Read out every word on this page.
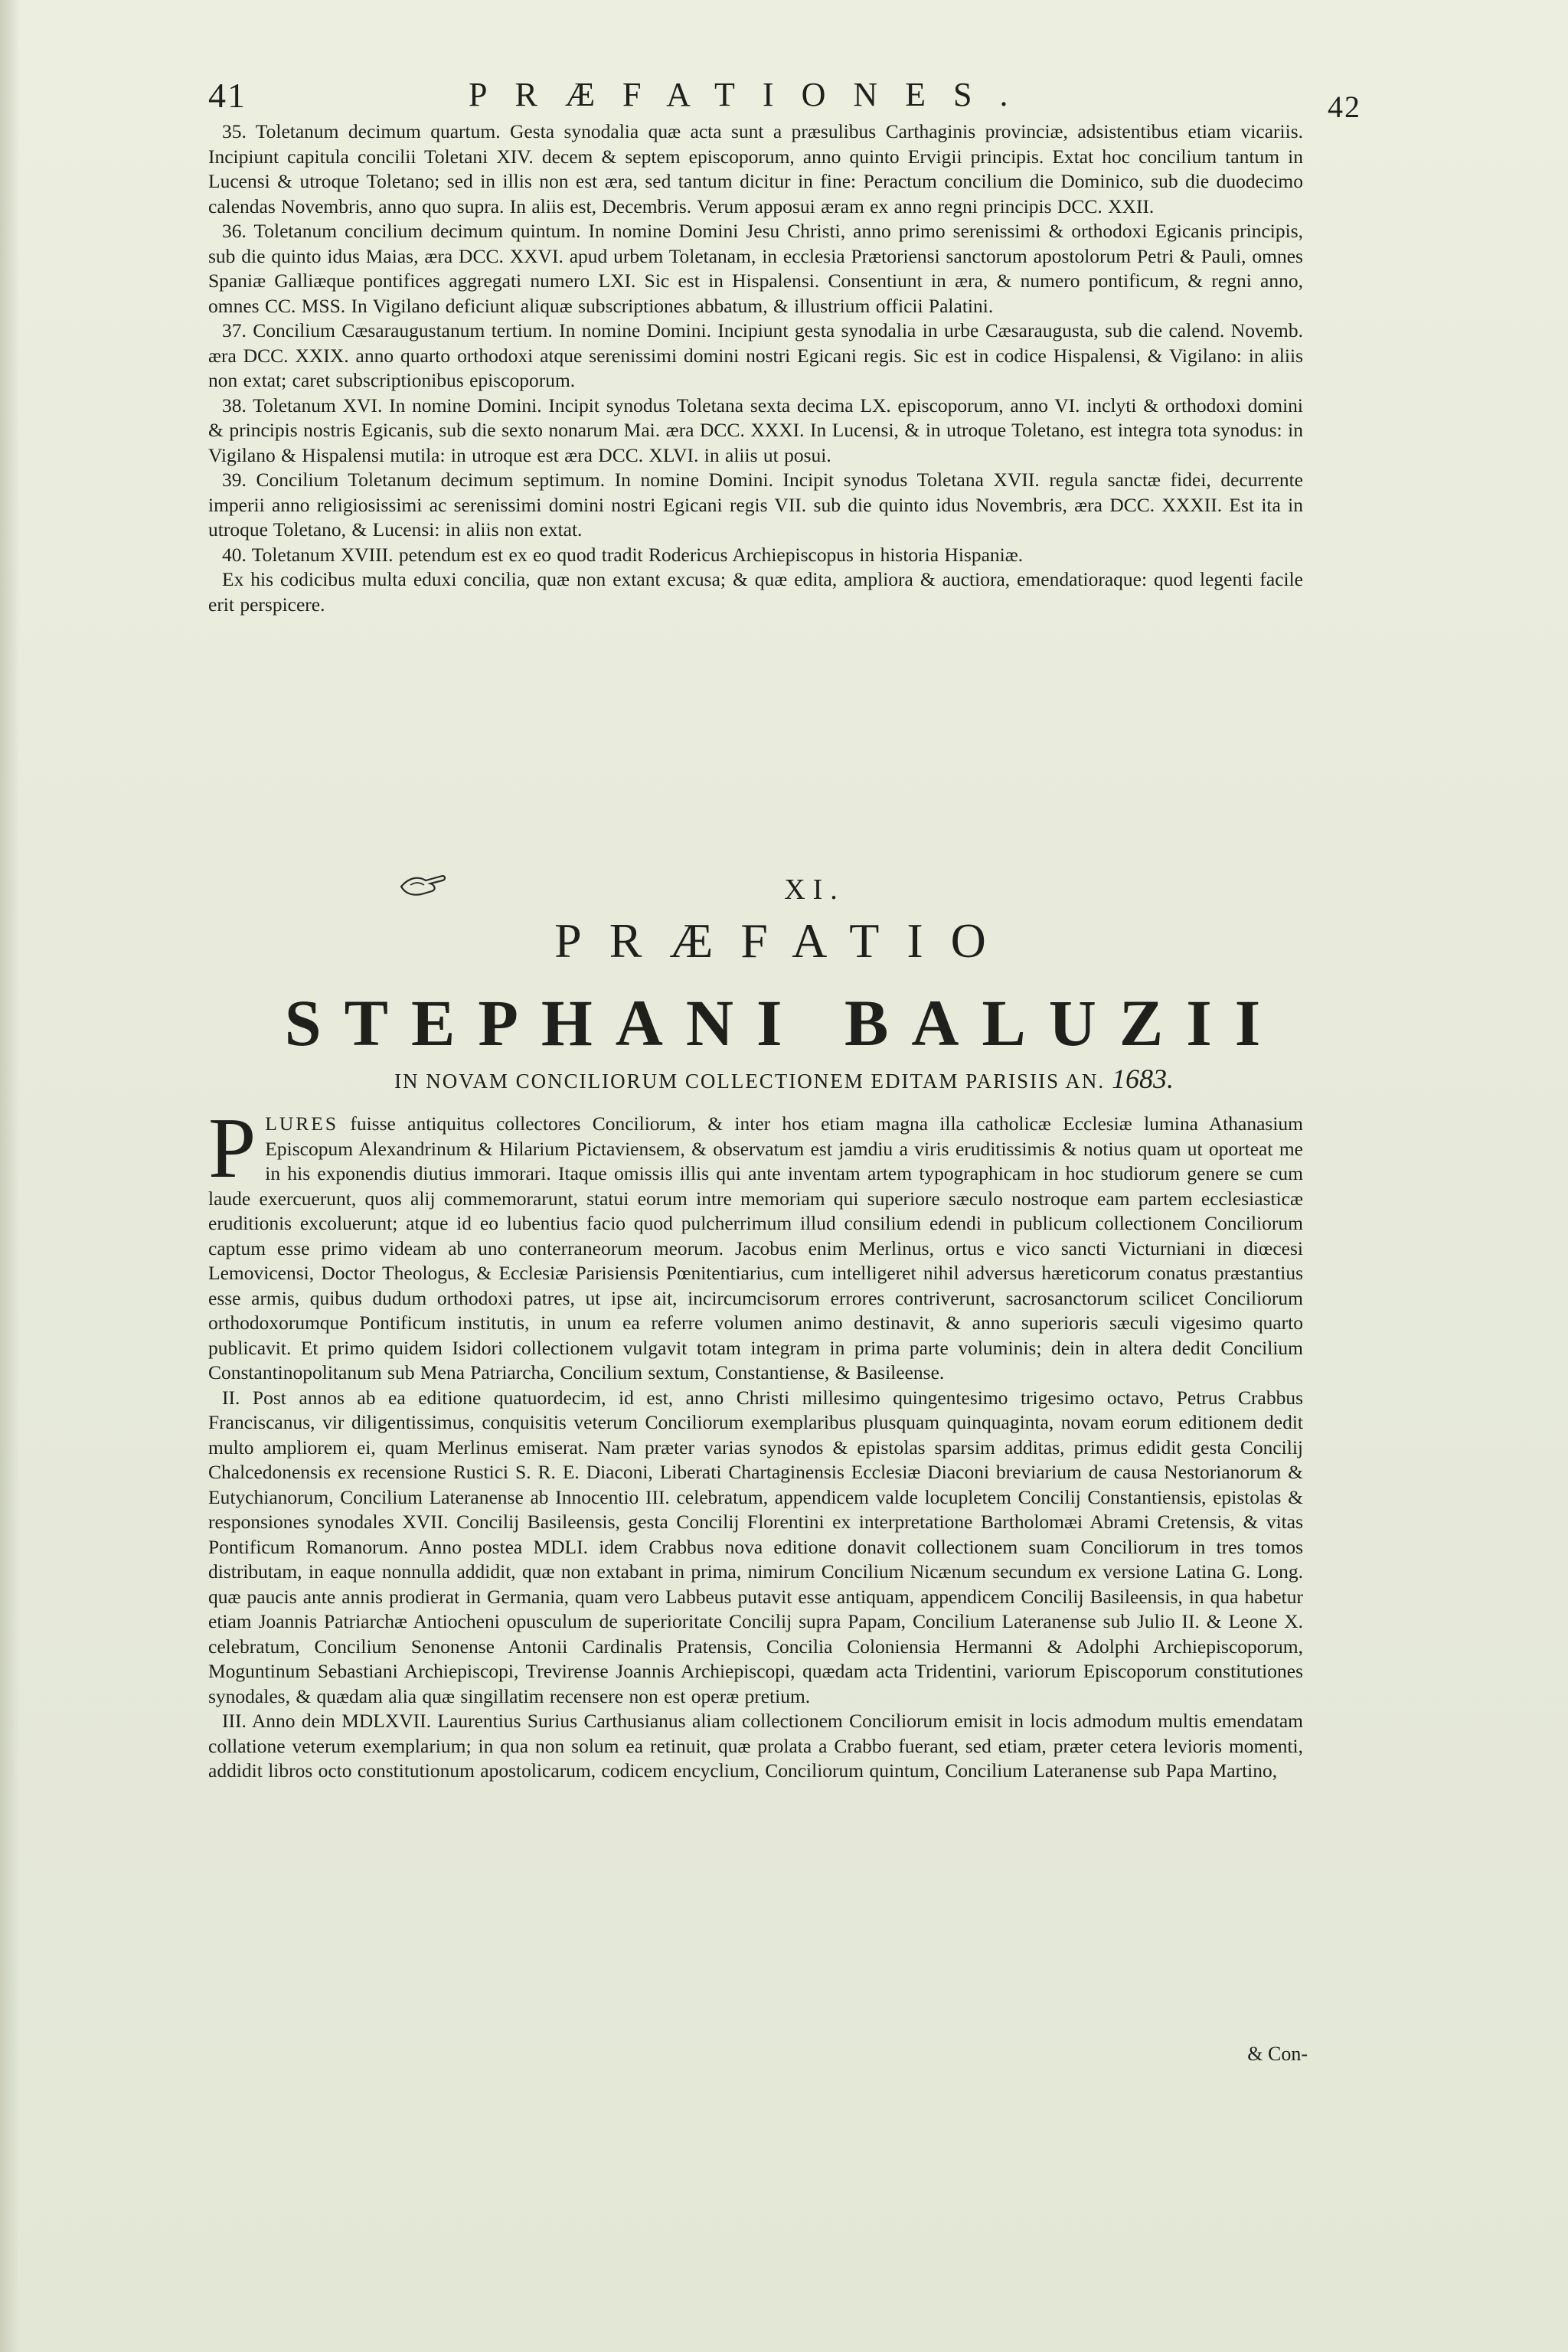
41	PRÆFATIONES.	42

35. Toletanum decimum quartum. Gesta synodalia quæ acta sunt a præsulibus Carthaginis provinciæ, adsistentibus etiam vicariis. Incipiunt capitula concilii Toletani XIV. decem & septem episcoporum, anno quinto Ervigii principis. Extat hoc concilium tantum in Lucensi & utroque Toletano; sed in illis non est æra, sed tantum dicitur in fine: Peractum concilium die Dominico, sub die duodecimo calendas Novembris, anno quo supra. In aliis est, Decembris. Verum apposui æram ex anno regni principis DCC. XXII.

36. Toletanum concilium decimum quintum. In nomine Domini Jesu Christi, anno primo serenissimi & orthodoxi Egicanis principis, sub die quinto idus Maias, æra DCC. XXVI. apud urbem Toletanam, in ecclesia Prætoriensi sanctorum apostolorum Petri & Pauli, omnes Spaniæ Galliæque pontifices aggregati numero LXI. Sic est in Hispalensi. Consentiunt in æra, & numero pontificum, & regni anno, omnes CC. MSS. In Vigilano deficiunt aliquæ subscriptiones abbatum, & illustrium officii Palatini.

37. Concilium Cæsaraugustanum tertium. In nomine Domini. Incipiunt gesta synodalia in urbe Cæsaraugusta, sub die calend. Novemb. æra DCC. XXIX. anno quarto orthodoxi atque serenissimi domini nostri Egicani regis. Sic est in codice Hispalensi, & Vigilano: in aliis non extat; caret subscriptionibus episcoporum.

38. Toletanum XVI. In nomine Domini. Incipit synodus Toletana sexta decima LX. episcoporum, anno VI. inclyti & orthodoxi domini & principis nostris Egicanis, sub die sexto nonarum Mai. æra DCC. XXXI. In Lucensi, & in utroque Toletano, est integra tota synodus: in Vigilano & Hispalensi mutila: in utroque est æra DCC. XLVI. in aliis ut posui.

39. Concilium Toletanum decimum septimum. In nomine Domini. Incipit synodus Toletana XVII. regula sanctæ fidei, decurrente imperii anno religiosissimi ac serenissimi domini nostri Egicani regis VII. sub die quinto idus Novembris, æra DCC. XXXII. Est ita in utroque Toletano, & Lucensi: in aliis non extat.

40. Toletanum XVIII. petendum est ex eo quod tradit Rodericus Archiepiscopus in historia Hispaniæ.

Ex his codicibus multa eduxi concilia, quæ non extant excusa; & quæ edita, ampliora & auctiora, emendatioraque: quod legenti facile erit perspicere.

XI.
PRÆFATIO
STEPHANI BALUZII
IN NOVAM CONCILIORUM COLLECTIONEM EDITAM PARISIIS AN. 1683.

PLURES fuisse antiquitus collectores Conciliorum, & inter hos etiam magna illa catholicæ Ecclesiæ lumina Athanasium Episcopum Alexandrinum & Hilarium Pictaviensem, & observatum est jamdiu a viris eruditissimis & notius quam ut oporteat me in his exponendis diutius immorari. Itaque omissis illis qui ante inventam artem typographicam in hoc studiorum genere se cum laude exercuerunt, quos alij commemorarunt, statui eorum intre memoriam qui superiore sæculo nostroque eam partem ecclesiasticæ eruditionis excoluerunt; atque id eo lubentius facio quod pulcherrimum illud consilium edendi in publicum collectionem Conciliorum captum esse primo videam ab uno conterraneorum meorum. Jacobus enim Merlinus, ortus e vico sancti Victurniani in diœcesi Lemovicensi, Doctor Theologus, & Ecclesiæ Parisiensis Pœnitentiarius, cum intelligeret nihil adversus hæreticorum conatus præstantius esse armis, quibus dudum orthodoxi patres, ut ipse ait, incircumcisorum errores contriverunt, sacrosanctorum scilicet Conciliorum orthodoxorumque Pontificum institutis, in unum ea referre volumen animo destinavit, & anno superioris sæculi vigesimo quarto publicavit. Et primo quidem Isidori collectionem vulgavit totam integram in prima parte voluminis; dein in altera dedit Concilium Constantinopolitanum sub Mena Patriarcha, Concilium sextum, Constantiense, & Basileense.

II. Post annos ab ea editione quatuordecim, id est, anno Christi millesimo quingentesimo trigesimo octavo, Petrus Crabbus Franciscanus, vir diligentissimus, conquisitis veterum Conciliorum exemplaribus plusquam quinquaginta, novam eorum editionem dedit multo ampliorem ei, quam Merlinus emiserat. Nam præter varias synodos & epistolas sparsim additas, primus edidit gesta Concilij Chalcedonensis ex recensione Rustici S. R. E. Diaconi, Liberati Chartaginensis Ecclesiæ Diaconi breviarium de causa Nestorianorum & Eutychianorum, Concilium Lateranense ab Innocentio III. celebratum, appendicem valde locupletem Concilij Constantiensis, epistolas & responsiones synodales XVII. Concilij Basileensis, gesta Concilij Florentini ex interpretatione Bartholomæi Abrami Cretensis, & vitas Pontificum Romanorum. Anno postea MDLI. idem Crabbus nova editione donavit collectionem suam Conciliorum in tres tomos distributam, in eaque nonnulla addidit, quæ non extabant in prima, nimirum Concilium Nicænum secundum ex versione Latina G. Long. quæ paucis ante annis prodierat in Germania, quam vero Labbeus putavit esse antiquam, appendicem Concilij Basileensis, in qua habetur etiam Joannis Patriarchæ Antiocheni opusculum de superioritate Concilij supra Papam, Concilium Lateranense sub Julio II. & Leone X. celebratum, Concilium Senonense Antonii Cardinalis Pratensis, Concilia Coloniensia Hermanni & Adolphi Archiepiscoporum, Moguntinum Sebastiani Archiepiscopi, Trevirense Joannis Archiepiscopi, quædam acta Tridentini, variorum Episcoporum constitutiones synodales, & quædam alia quæ singillatim recensere non est operæ pretium.

III. Anno dein MDLXVII. Laurentius Surius Carthusianus aliam collectionem Conciliorum emisit in locis admodum multis emendatam collatione veterum exemplarium; in qua non solum ea retinuit, quæ prolata a Crabbo fuerant, sed etiam, præter cetera levioris momenti, addidit libros octo constitutionum apostolicarum, codicem encyclium, Conciliorum quintum, Concilium Lateranense sub Papa Martino,

& Con-
